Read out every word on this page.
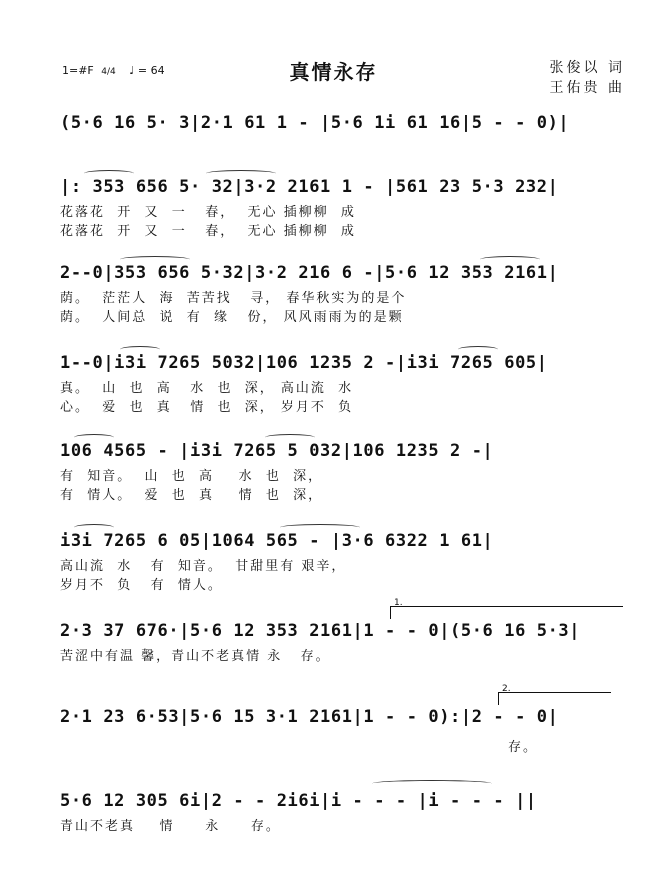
1=#F 4/4 ♩ = 64	真情永存	张俊以 词
王佑贵 曲
(5·6 16 5· 3|2·1 61 1 - |5·6 1i 61 16|5 - - 0)|
|: 353 656 5· 32|3·2 2161 1 - |561 23 5·3 232|
花落花  开  又  一   春，  无心 插柳柳  成
花落花  开  又  一   春，  无心 插柳柳  成
2--0|353 656 5·32|3·2 216 6 -|5·6 12 353 2161|
荫。  茫茫人  海  苦苦找   寻， 春华秋实为的是个
荫。  人间总  说  有  缘   份， 风风雨雨为的是颗
1--0|i3i 7265 5032|106 1235 2 -|i3i 7265 605|
真。  山  也  高   水  也  深， 高山流  水
心。  爱  也  真   情  也  深， 岁月不  负
106 4565 - |i3i 7265 5 032|106 1235 2 -|
有  知音。  山  也  高    水  也  深，
有  情人。  爱  也  真    情  也  深，
i3i 7265 6 05|1064 565 - |3·6 6322 1 61|
高山流  水   有  知音。  甘甜里有 艰辛，
岁月不  负   有  情人。
1.
2·3 37 676·|5·6 12 353 2161|1 - - 0|(5·6 16 5·3|
苦涩中有温 馨，青山不老真情 永   存。
2.
2·1 23 6·53|5·6 15 3·1 2161|1 - - 0):|2 - - 0|
存。
5·6 12 305 6i|2 - - 2i6i|i - - - |i - - - ||
青山不老真    情     永     存。
